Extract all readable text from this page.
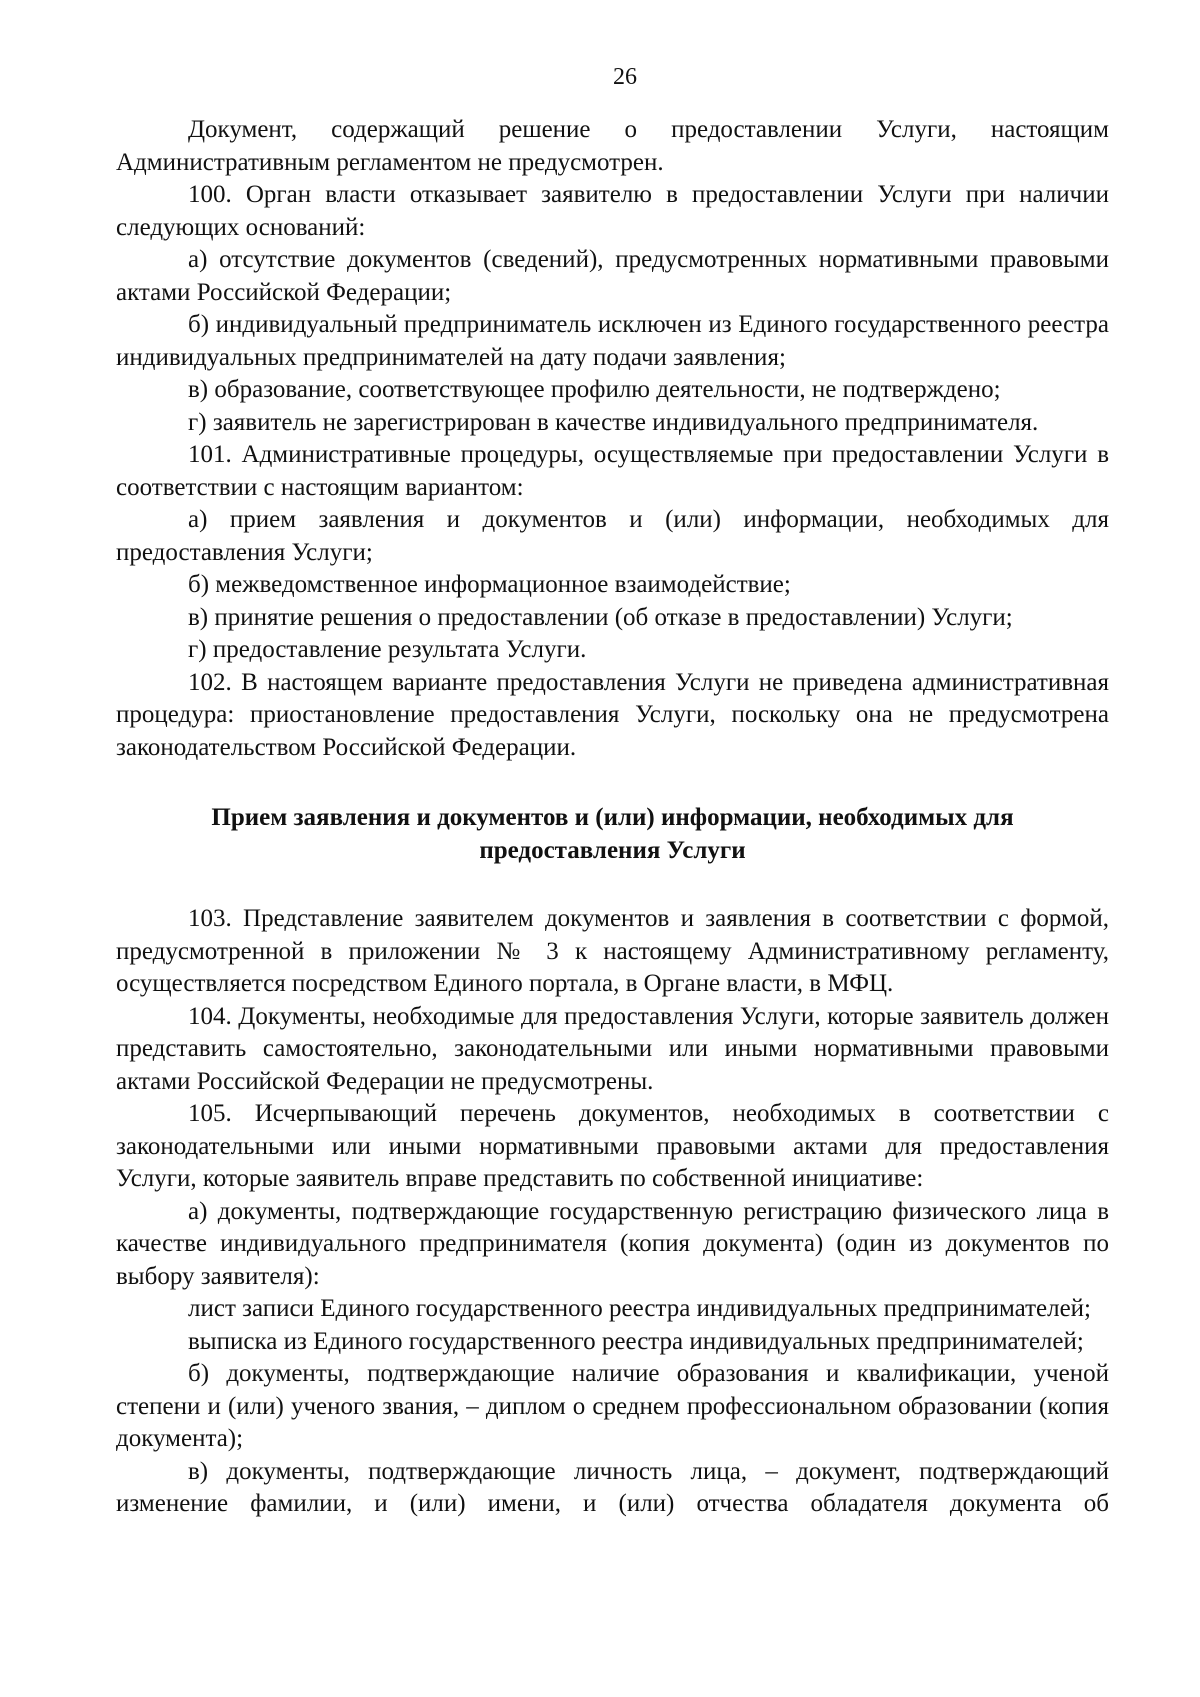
26

Документ, содержащий решение о предоставлении Услуги, настоящим Административным регламентом не предусмотрен.

100. Орган власти отказывает заявителю в предоставлении Услуги при наличии следующих оснований:

а) отсутствие документов (сведений), предусмотренных нормативными правовыми актами Российской Федерации;

б) индивидуальный предприниматель исключен из Единого государственного реестра индивидуальных предпринимателей на дату подачи заявления;

в) образование, соответствующее профилю деятельности, не подтверждено;

г) заявитель не зарегистрирован в качестве индивидуального предпринимателя.

101. Административные процедуры, осуществляемые при предоставлении Услуги в соответствии с настоящим вариантом:

а) прием заявления и документов и (или) информации, необходимых для предоставления Услуги;

б) межведомственное информационное взаимодействие;

в) принятие решения о предоставлении (об отказе в предоставлении) Услуги;

г) предоставление результата Услуги.

102. В настоящем варианте предоставления Услуги не приведена административная процедура: приостановление предоставления Услуги, поскольку она не предусмотрена законодательством Российской Федерации.

Прием заявления и документов и (или) информации, необходимых для
предоставления Услуги

103. Представление заявителем документов и заявления в соответствии с формой, предусмотренной в приложении № 3 к настоящему Административному регламенту, осуществляется посредством Единого портала, в Органе власти, в МФЦ.

104. Документы, необходимые для предоставления Услуги, которые заявитель должен представить самостоятельно, законодательными или иными нормативными правовыми актами Российской Федерации не предусмотрены.

105. Исчерпывающий перечень документов, необходимых в соответствии с законодательными или иными нормативными правовыми актами для предоставления Услуги, которые заявитель вправе представить по собственной инициативе:

а) документы, подтверждающие государственную регистрацию физического лица в качестве индивидуального предпринимателя (копия документа) (один из документов по выбору заявителя):

лист записи Единого государственного реестра индивидуальных предпринимателей;

выписка из Единого государственного реестра индивидуальных предпринимателей;

б) документы, подтверждающие наличие образования и квалификации, ученой степени и (или) ученого звания, – диплом о среднем профессиональном образовании (копия документа);

в) документы, подтверждающие личность лица, – документ, подтверждающий изменение фамилии, и (или) имени, и (или) отчества обладателя документа об
